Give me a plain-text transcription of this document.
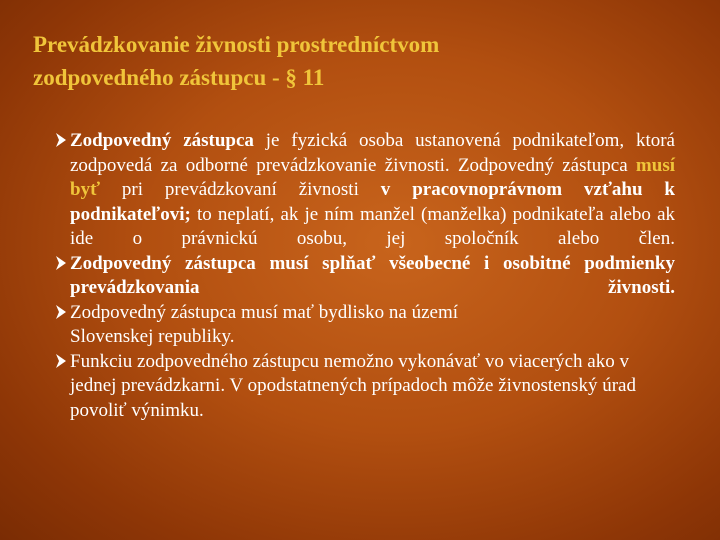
Prevádzkovanie živnosti prostredníctvom
zodpovedného zástupcu - § 11
Zodpovedný zástupca je fyzická osoba ustanovená podnikateľom, ktorá zodpovedá za odborné prevádzkovanie živnosti. Zodpovedný zástupca musí byť pri prevádzkovaní živnosti v pracovnoprávnom vzťahu k podnikateľovi; to neplatí, ak je ním manžel (manželka) podnikateľa alebo ak ide o právnickú osobu, jej spoločník alebo člen.
Zodpovedný zástupca musí splňať všeobecné i osobitné podmienky prevádzkovania živnosti.
Zodpovedný zástupca musí mať bydlisko na území Slovenskej republiky.
Funkciu zodpovedného zástupcu nemožno vykonávať vo viacerých ako v jednej prevádzkarni. V opodstatnených prípadoch môže živnostenský úrad povoliť výnimku.
